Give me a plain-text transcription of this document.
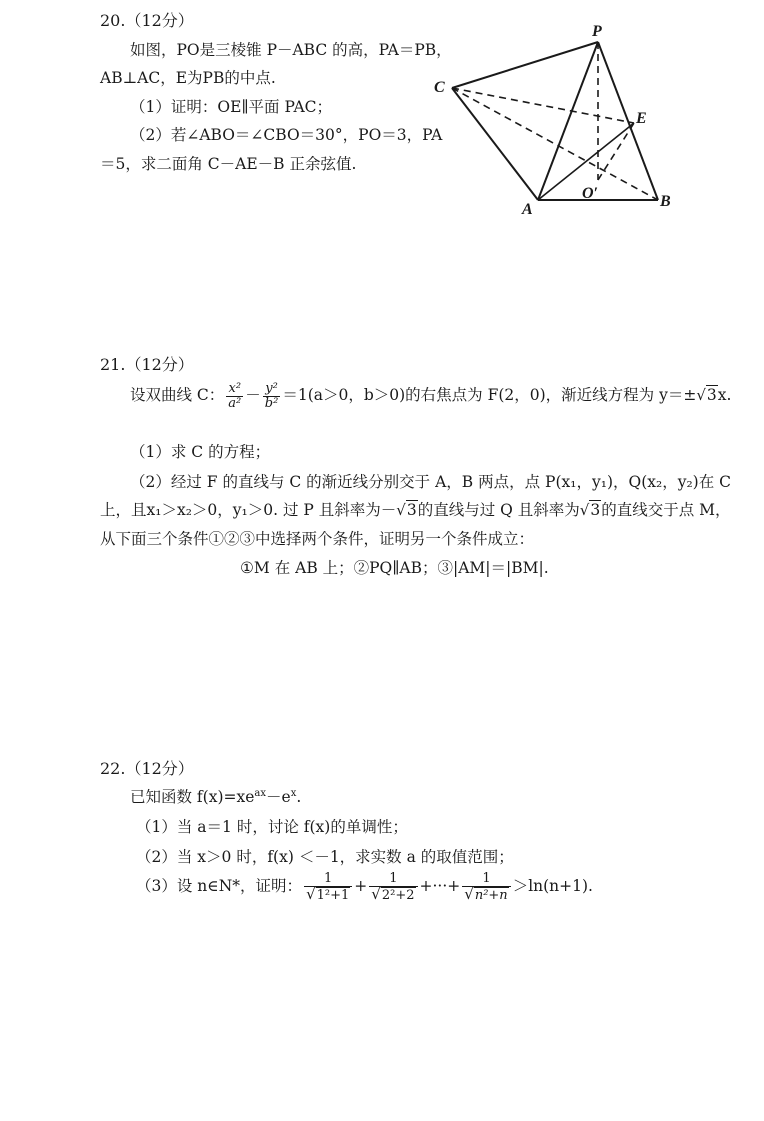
20.（12分）
如图，PO是三棱锥 P－ABC 的高，PA＝PB，
AB⊥AC，E为PB的中点.
（1）证明：OE∥平面 PAC；
（2）若∠ABO＝∠CBO＝30°，PO＝3，PA
＝5，求二面角 C－AE－B 正余弦值.
P
C
E
O′
A	B
21.（12分）
设双曲线 C： $\frac{\text{x²}}{\text{a²}} - \frac{\text{y²}}{\text{b²}} =1(a>0$，b＞0)的右焦点为 F(2，0)，渐近线方程为 y＝±√3x.
（1）求 C 的方程；
（2）经过 F 的直线与 C 的渐近线分别交于 A，B 两点，点 P(x₁，y₁)，Q(x₂，y₂)在 C
上，且x₁＞x₂＞0，y₁＞0. 过 P 且斜率为－√3的直线与过 Q 且斜率为√3的直线交于点 M，
从下面三个条件①②③中选择两个条件，证明另一个条件成立：
①M 在 AB 上；②PQ∥AB；③|AM|＝|BM|.
22.（12分）
已知函数 $f(x)=xe^{ax}-e^x$.
（1）当 a＝1 时，讨论 f(x)的单调性；
（2）当 x＞0 时，f(x) ＜－1，求实数 a 的取值范围；
（3）设 n∈N*，证明： $\frac{1}{\text{√1²+1}} + \frac{1}{\text{√2²+2}}$ +···+ $\frac{1}{\text{√n²+n}} >\ln(n+1)$.
